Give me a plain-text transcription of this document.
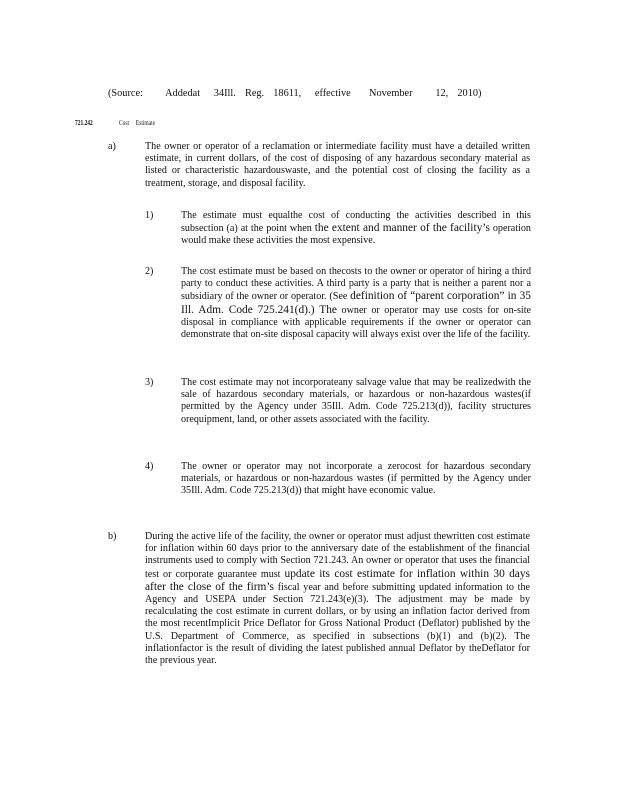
(Source:     Addedat   34Ill.  Reg.  18611,   effective    November     12,  2010)
721.242	Cost     Estimate
a)	The owner or operator of a reclamation or intermediate facility must have a detailed written estimate, in current dollars, of the cost of disposing of any hazardous secondary material as listed or characteristic hazardouswaste, and the potential cost of closing the facility as a treatment, storage, and disposal facility.
1)	The estimate must equalthe cost of conducting the activities described in this subsection (a) at the point when the extent and manner of the facility’s operation would make these activities the most expensive.
2)	The cost estimate must be based on thecosts to the owner or operator of hiring a third party to conduct these activities. A third party is a party that is neither a parent nor a subsidiary of the owner or operator. (See definition of “parent corporation” in 35 Ill. Adm. Code 725.241(d).) The owner or operator may use costs for on-site disposal in compliance with applicable requirements if the owner or operator can demonstrate that on-site disposal capacity will always exist over the life of the facility.
3)	The cost estimate may not incorporateany salvage value that may be realizedwith the sale of hazardous secondary materials, or hazardous or non-hazardous wastes(if permitted by the Agency under 35Ill. Adm. Code 725.213(d)), facility structures orequipment, land, or other assets associated with the facility.
4)	The owner or operator may not incorporate a zerocost for hazardous secondary materials, or hazardous or non-hazardous wastes (if permitted by the Agency under 35Ill. Adm. Code 725.213(d)) that might have economic value.
b)	During the active life of the facility, the owner or operator must adjust thewritten cost estimate for inflation within 60 days prior to the anniversary date of the establishment of the financial instruments used to comply with Section 721.243. An owner or operator that uses the financial test or corporate guarantee must update its cost estimate for inflation within 30 days after the close of the firm’s fiscal year and before submitting updated information to the Agency and USEPA under Section 721.243(e)(3). The adjustment may be made by recalculating the cost estimate in current dollars, or by using an inflation factor derived from the most recentImplicit Price Deflator for Gross National Product (Deflator) published by the U.S. Department of Commerce, as specified in subsections (b)(1) and (b)(2). The inflationfactor is the result of dividing the latest published annual Deflator by theDeflator for the previous year.
